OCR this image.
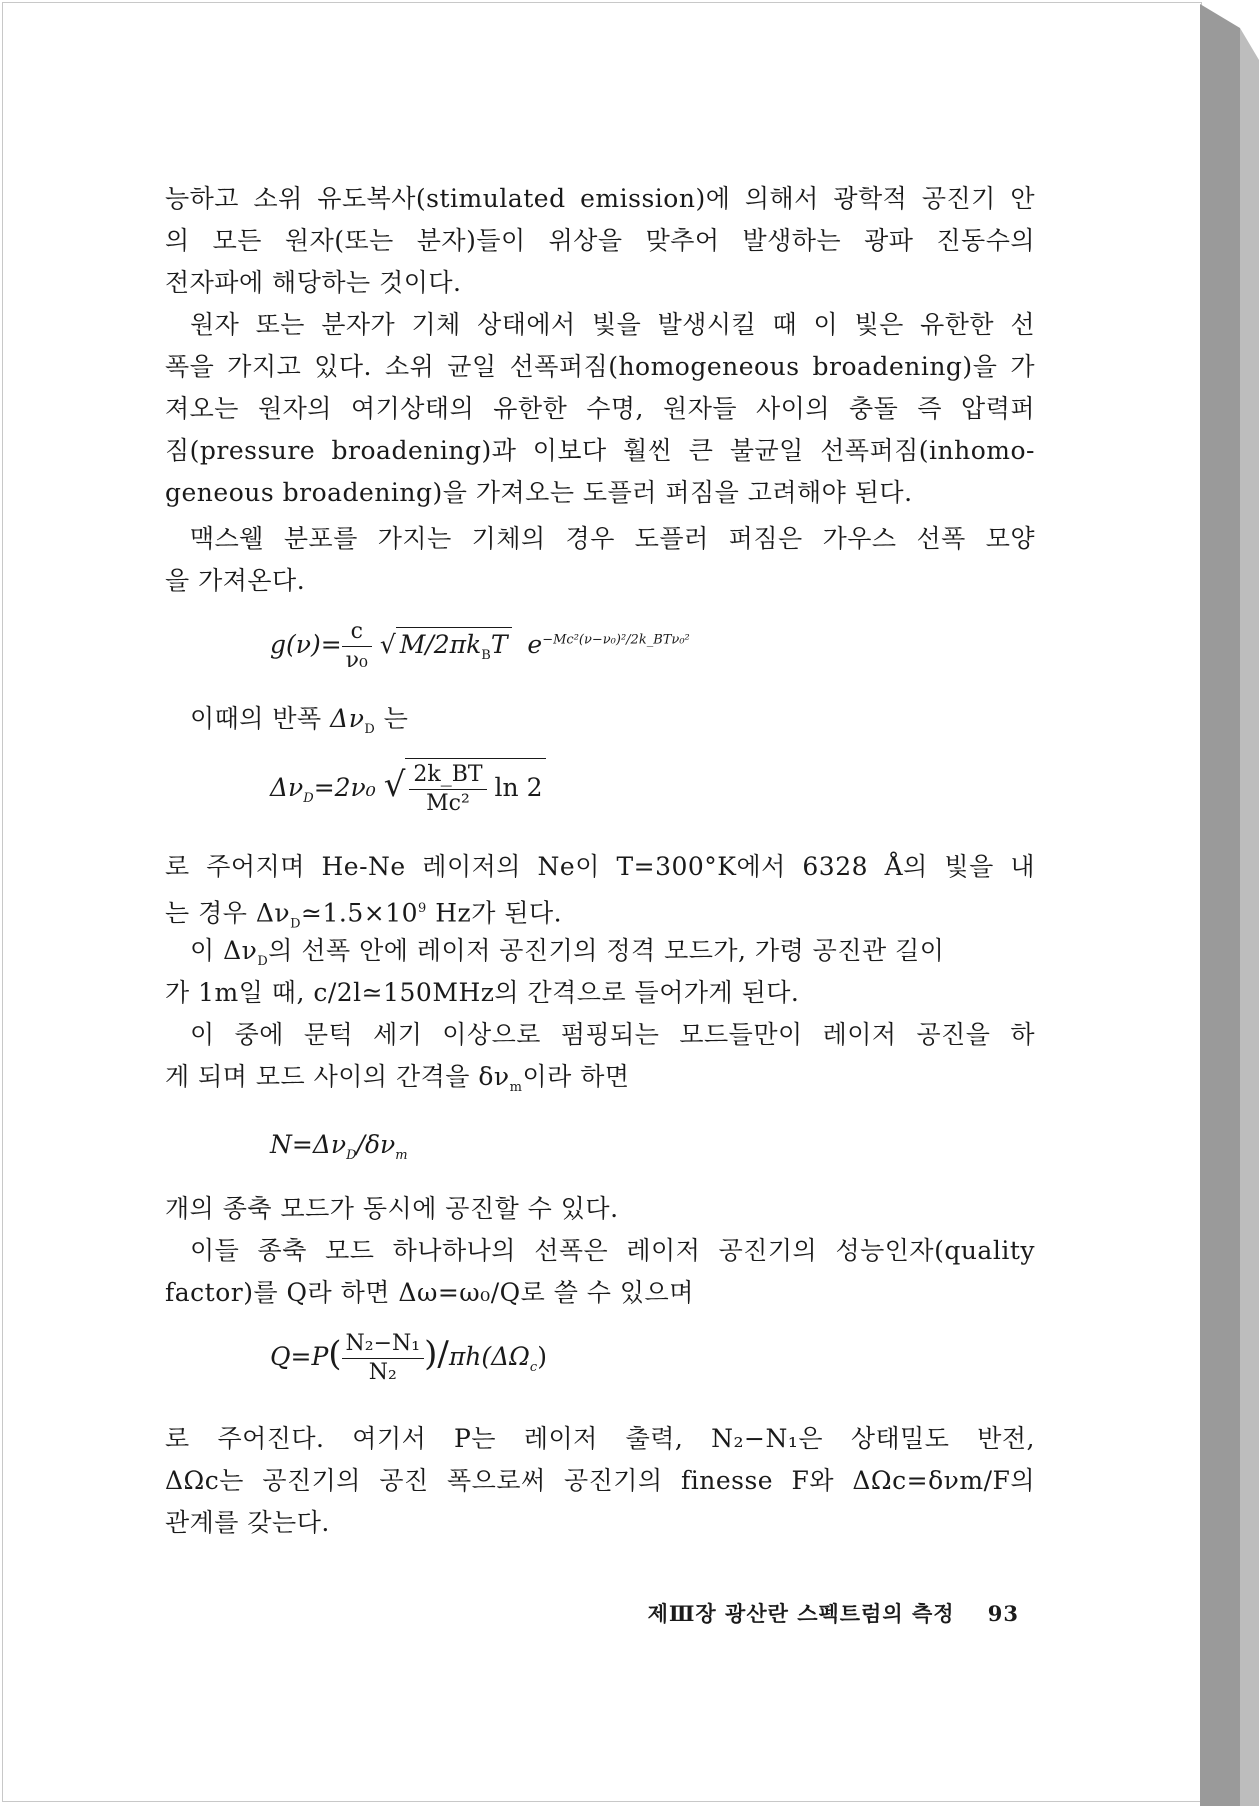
능하고 소위 유도복사(stimulated emission)에 의해서 광학적 공진기 안

의 모든 원자(또는 분자)들이 위상을 맞추어 발생하는 광파 진동수의

전자파에 해당하는 것이다.

원자 또는 분자가 기체 상태에서 빛을 발생시킬 때 이 빛은 유한한 선

폭을 가지고 있다. 소위 균일 선폭퍼짐(homogeneous broadening)을 가

져오는 원자의 여기상태의 유한한 수명, 원자들 사이의 충돌 즉 압력퍼

짐(pressure broadening)과 이보다 훨씬 큰 불균일 선폭퍼짐(inhomo-

geneous broadening)을 가져오는 도플러 퍼짐을 고려해야 된다.

맥스웰 분포를 가지는 기체의 경우 도플러 퍼짐은 가우스 선폭 모양

을 가져온다.

$g(\nu)= \frac{c}{\text{ν₀}}$ √ $M/2\pi k_BT$ $e^{-Mc^2(\nu-\nu_0)^2/2k\_BT\nu_0^2}$

이때의 반폭 $\Delta\nu_D$ 는

$\Delta\nu_D=2\nu_0$ √ $\frac{2k\_BT}{\text{Mc²}}$ ln 2

로 주어지며 He-Ne 레이저의 Ne이 T=300°K에서 6328 Å의 빛을 내

는 경우 $\Delta\nu_D≃1.5\times 10^9$ Hz가 된다.

이 $\Delta\nu_D$의 선폭 안에 레이저 공진기의 정격 모드가, 가령 공진관 길이

가 1m일 때, c/2l≃150MHz의 간격으로 들어가게 된다.

이 중에 문턱 세기 이상으로 펌핑되는 모드들만이 레이저 공진을 하

게 되며 모드 사이의 간격을 $\delta\nu_m$이라 하면

$N=\Delta\nu_D/\delta\nu_m$

개의 종축 모드가 동시에 공진할 수 있다.

이들 종축 모드 하나하나의 선폭은 레이저 공진기의 성능인자(quality

factor)를 Q라 하면 Δω=ω₀/Q로 쓸 수 있으며

$Q=P( \frac{\text{N₂−N₁}}{\text{N₂}} )/\pi h(\Delta\Omega_c)$

로 주어진다. 여기서 P는 레이저 출력, N₂−N₁은 상태밀도 반전,

ΔΩc는 공진기의 공진 폭으로써 공진기의 finesse F와 ΔΩc=δνm/F의

관계를 갖는다.

제Ⅲ장 광산란 스펙트럼의 측정 93
